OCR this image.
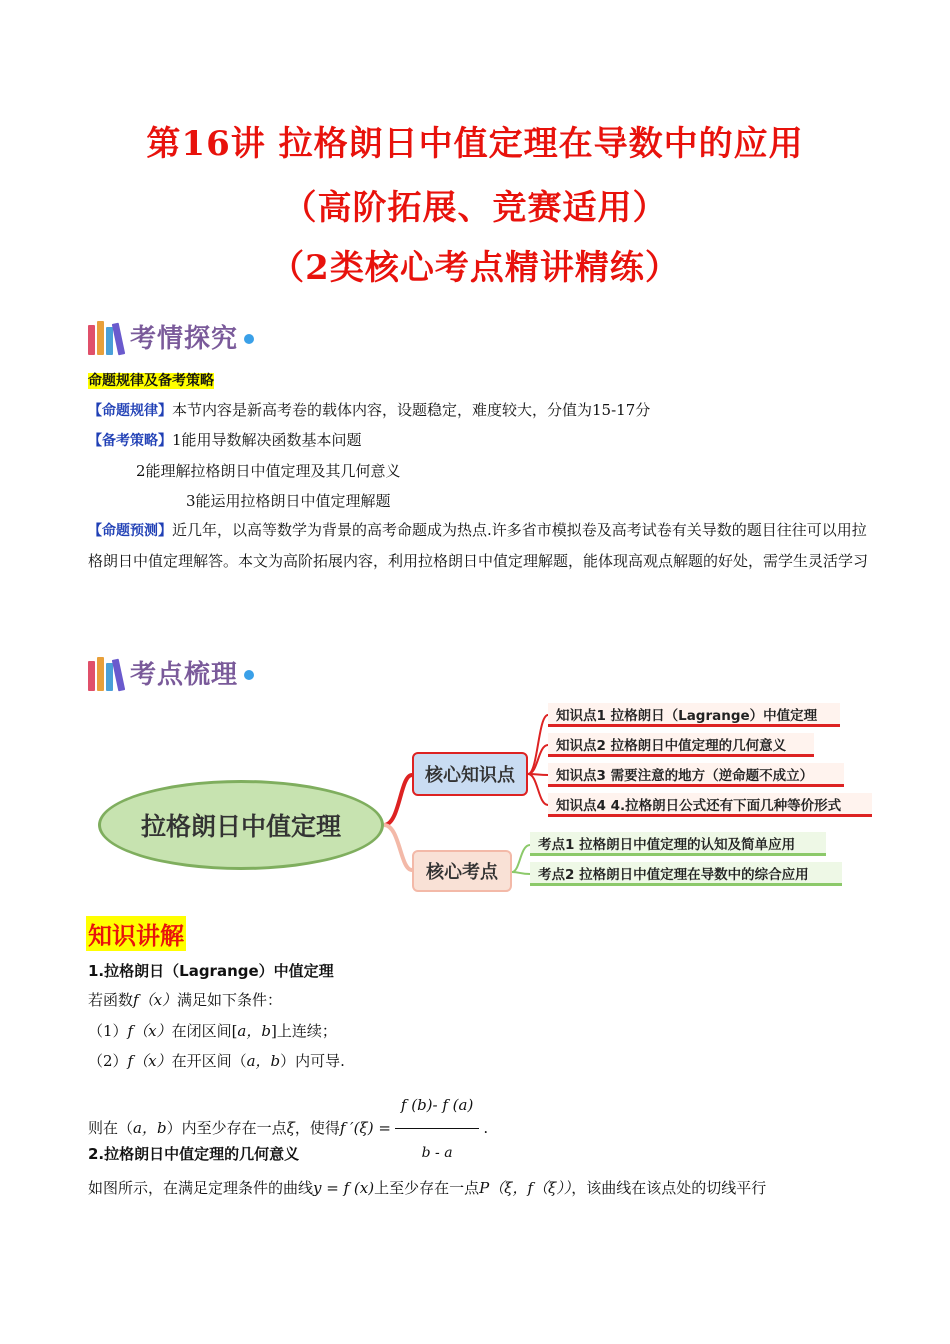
第16讲 拉格朗日中值定理在导数中的应用
（高阶拓展、竞赛适用）
（2类核心考点精讲精练）
考情探究
命题规律及备考策略
【命题规律】本节内容是新高考卷的载体内容，设题稳定，难度较大，分值为15-17分
【备考策略】1能用导数解决函数基本问题
2能理解拉格朗日中值定理及其几何意义
3能运用拉格朗日中值定理解题
【命题预测】近几年，以高等数学为背景的高考命题成为热点.许多省市模拟卷及高考试卷有关导数的题目往往可以用拉格朗日中值定理解答。本文为高阶拓展内容，利用拉格朗日中值定理解题，能体现高观点解题的好处，需学生灵活学习
考点梳理
拉格朗日中值定理
核心知识点
核心考点
知识点1 拉格朗日（Lagrange）中值定理
知识点2 拉格朗日中值定理的几何意义
知识点3 需要注意的地方（逆命题不成立）
知识点4 4.拉格朗日公式还有下面几种等价形式
考点1 拉格朗日中值定理的认知及简单应用
考点2 拉格朗日中值定理在导数中的综合应用
知识讲解
1.拉格朗日（Lagrange）中值定理
若函数f（x）满足如下条件：
（1）f（x）在闭区间[a，b]上连续；
（2）f（x）在开区间（a，b）内可导.
则在（a，b）内至少存在一点ξ，使得f $'(\xi) = \frac{f (b)- f (a)}{b - a}$ .
2.拉格朗日中值定理的几何意义
如图所示，在满足定理条件的曲线y = f (x)上至少存在一点P（ξ，f（ξ）），该曲线在该点处的切线平行
